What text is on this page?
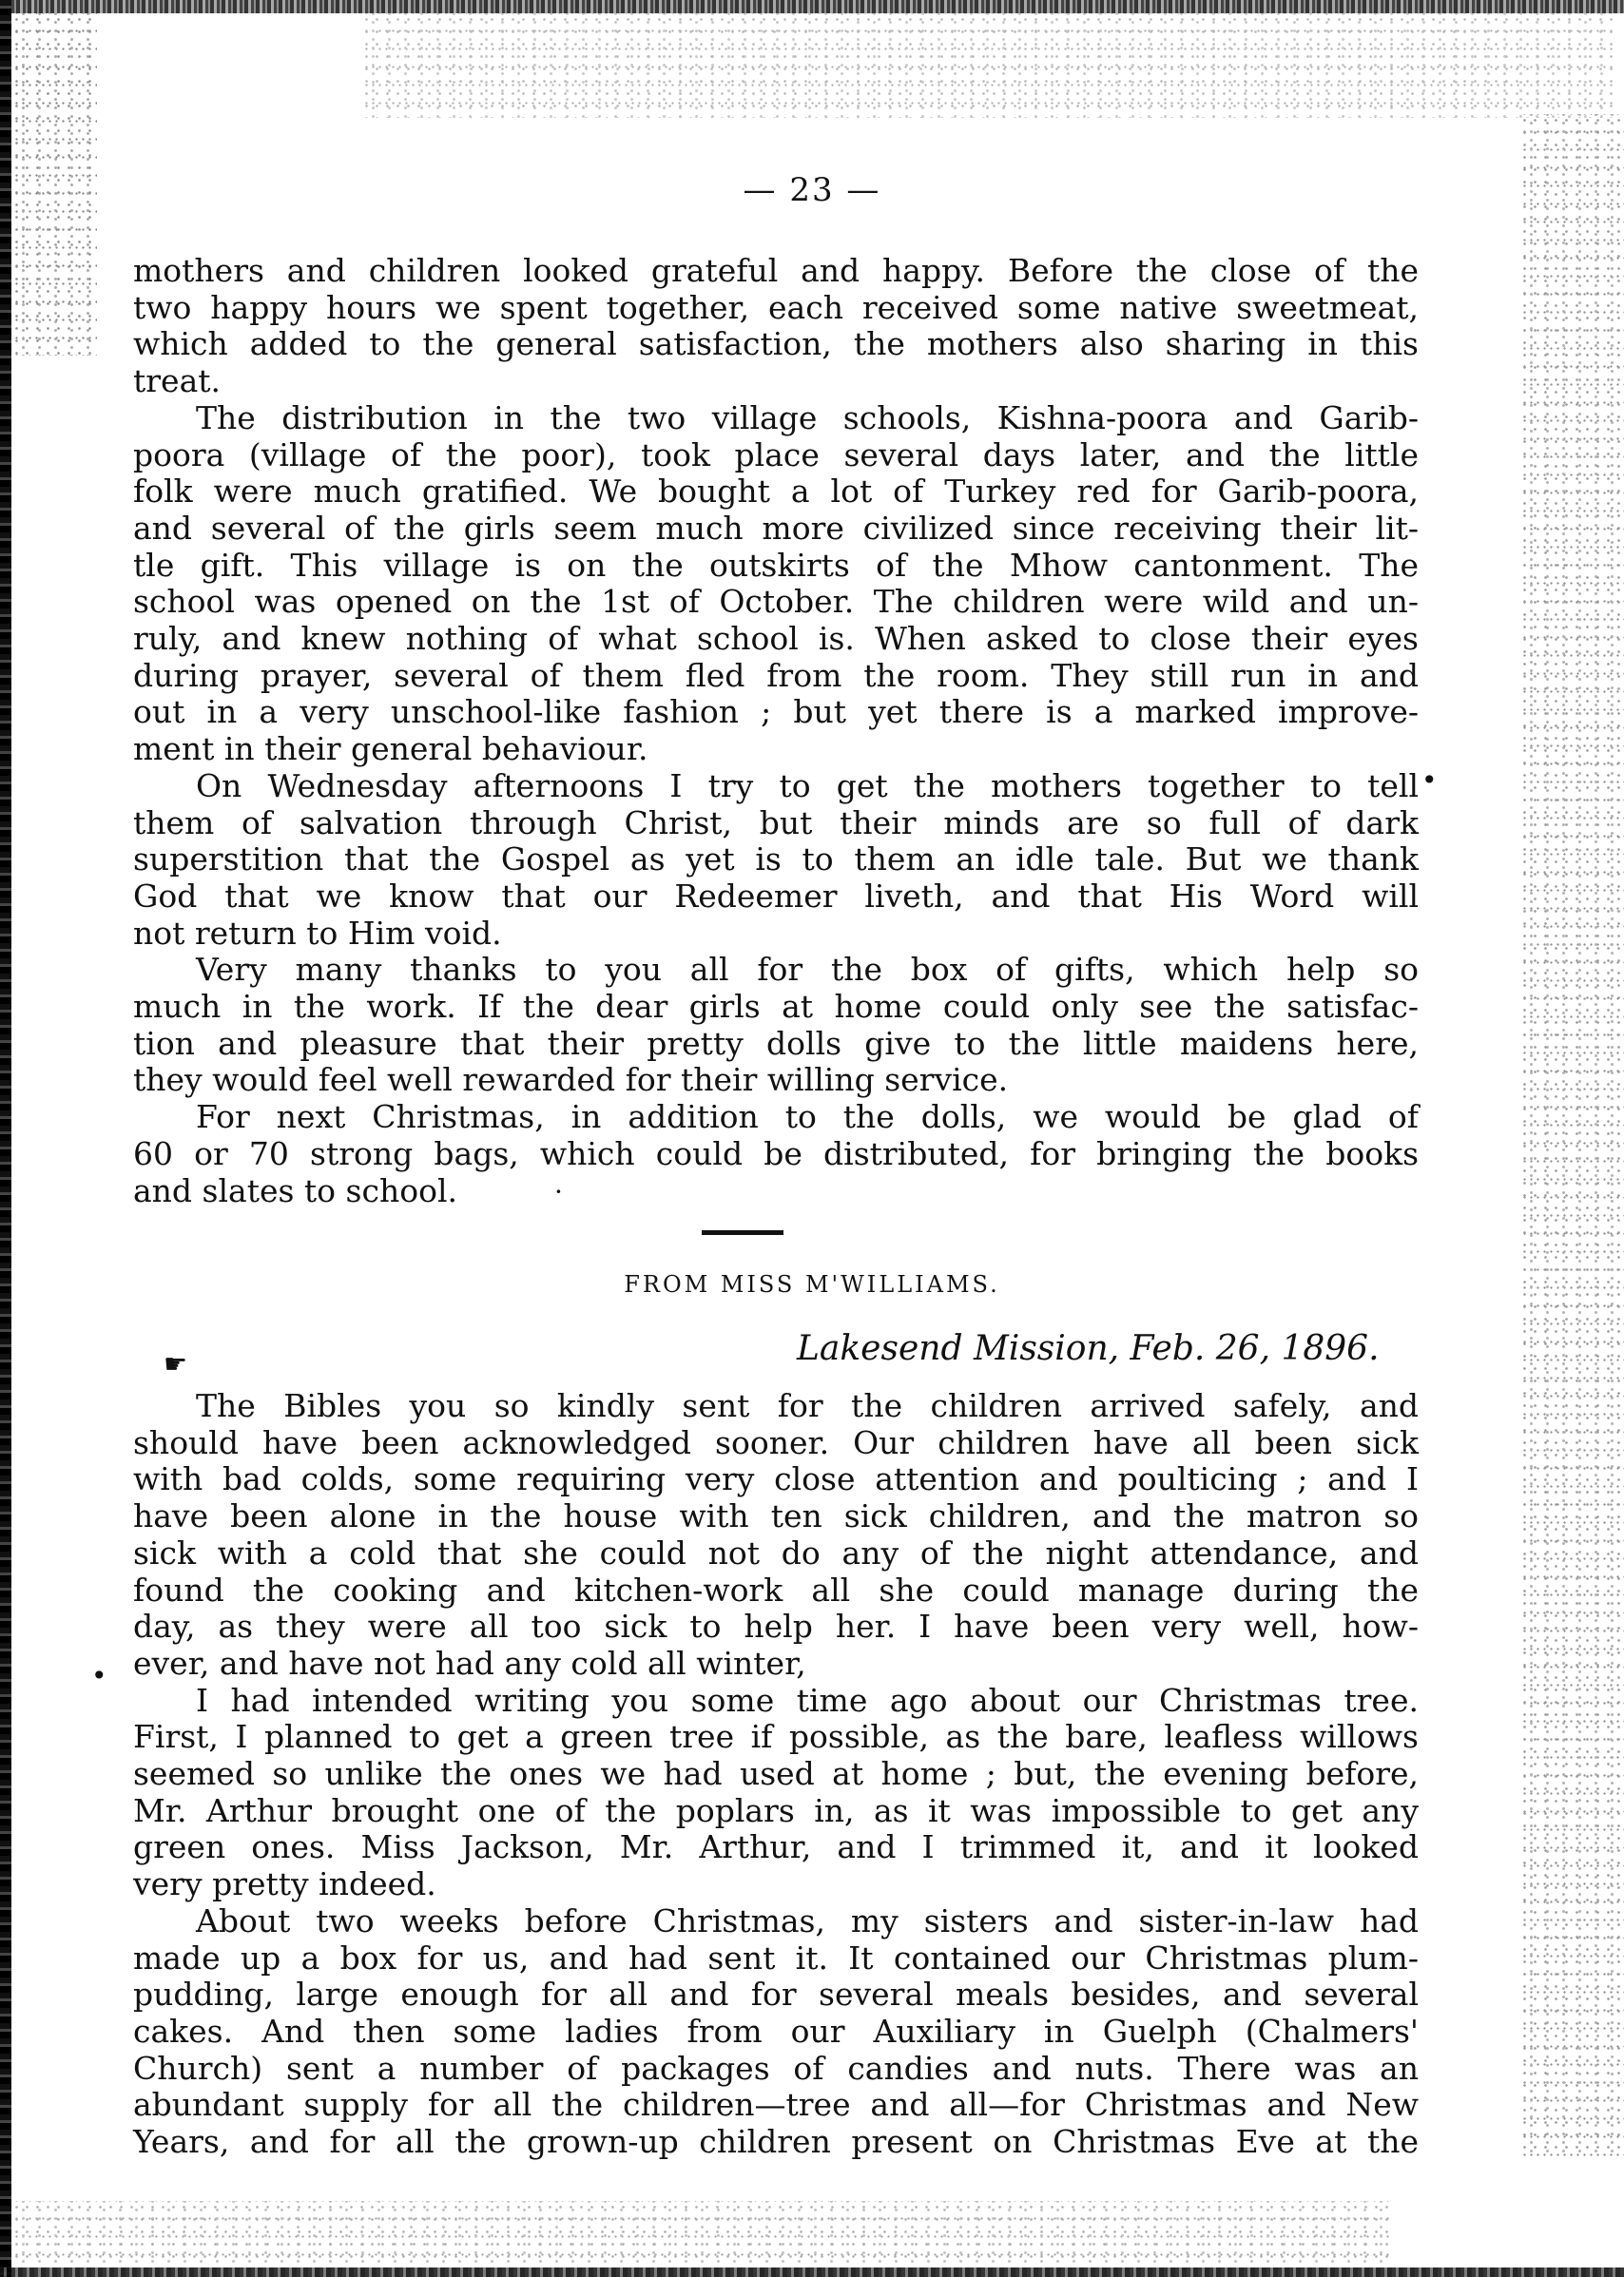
— 23 —
mothers and children looked grateful and happy. Before the close of the
two happy hours we spent together, each received some native sweetmeat,
which added to the general satisfaction, the mothers also sharing in this
treat.
The distribution in the two village schools, Kishna-poora and Garib-
poora (village of the poor), took place several days later, and the little
folk were much gratified. We bought a lot of Turkey red for Garib-poora,
and several of the girls seem much more civilized since receiving their lit-
tle gift. This village is on the outskirts of the Mhow cantonment. The
school was opened on the 1st of October. The children were wild and un-
ruly, and knew nothing of what school is. When asked to close their eyes
during prayer, several of them fled from the room. They still run in and
out in a very unschool-like fashion ; but yet there is a marked improve-
ment in their general behaviour.
On Wednesday afternoons I try to get the mothers together to tell
them of salvation through Christ, but their minds are so full of dark
superstition that the Gospel as yet is to them an idle tale. But we thank
God that we know that our Redeemer liveth, and that His Word will
not return to Him void.
Very many thanks to you all for the box of gifts, which help so
much in the work. If the dear girls at home could only see the satisfac-
tion and pleasure that their pretty dolls give to the little maidens here,
they would feel well rewarded for their willing service.
For next Christmas, in addition to the dolls, we would be glad of
60 or 70 strong bags, which could be distributed, for bringing the books
and slates to school.
FROM MISS M'WILLIAMS.
☛	Lakesend Mission, Feb. 26, 1896.
The Bibles you so kindly sent for the children arrived safely, and
should have been acknowledged sooner. Our children have all been sick
with bad colds, some requiring very close attention and poulticing ; and I
have been alone in the house with ten sick children, and the matron so
sick with a cold that she could not do any of the night attendance, and
found the cooking and kitchen-work all she could manage during the
day, as they were all too sick to help her. I have been very well, how-
ever, and have not had any cold all winter,
I had intended writing you some time ago about our Christmas tree.
First, I planned to get a green tree if possible, as the bare, leafless willows
seemed so unlike the ones we had used at home ; but, the evening before,
Mr. Arthur brought one of the poplars in, as it was impossible to get any
green ones. Miss Jackson, Mr. Arthur, and I trimmed it, and it looked
very pretty indeed.
About two weeks before Christmas, my sisters and sister-in-law had
made up a box for us, and had sent it. It contained our Christmas plum-
pudding, large enough for all and for several meals besides, and several
cakes. And then some ladies from our Auxiliary in Guelph (Chalmers'
Church) sent a number of packages of candies and nuts. There was an
abundant supply for all the children—tree and all—for Christmas and New
Years, and for all the grown-up children present on Christmas Eve at the
•
•
·
